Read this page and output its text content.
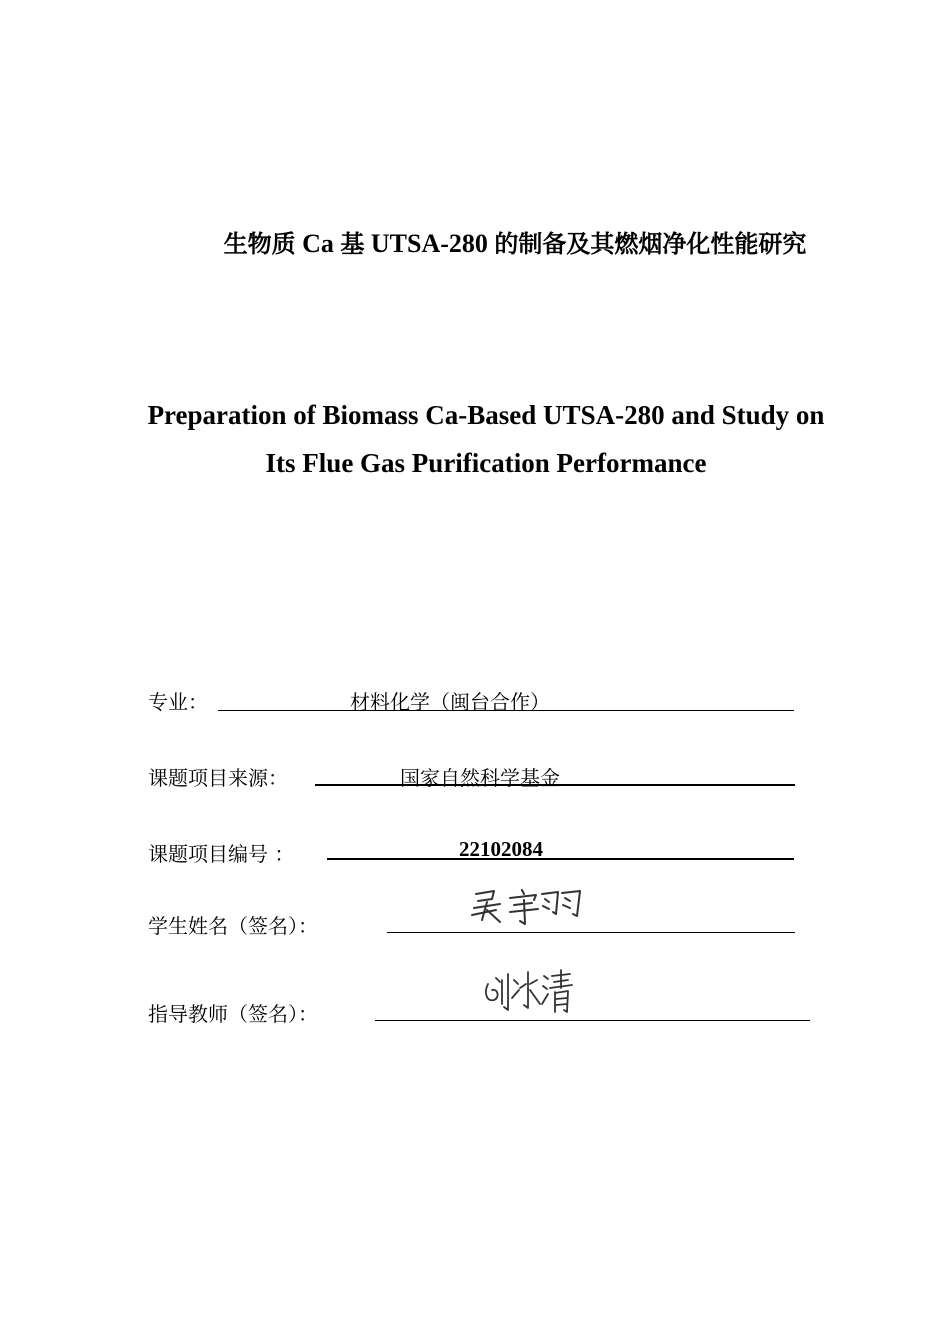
生物质 Ca 基 UTSA-280 的制备及其燃烟净化性能研究
Preparation of Biomass Ca-Based UTSA-280 and Study on
Its Flue Gas Purification Performance
专业：	材料化学（闽台合作）
课题项目来源：	国家自然科学基金
课题项目编号 ：	22102084
学生姓名（签名）：
指导教师（签名）：
